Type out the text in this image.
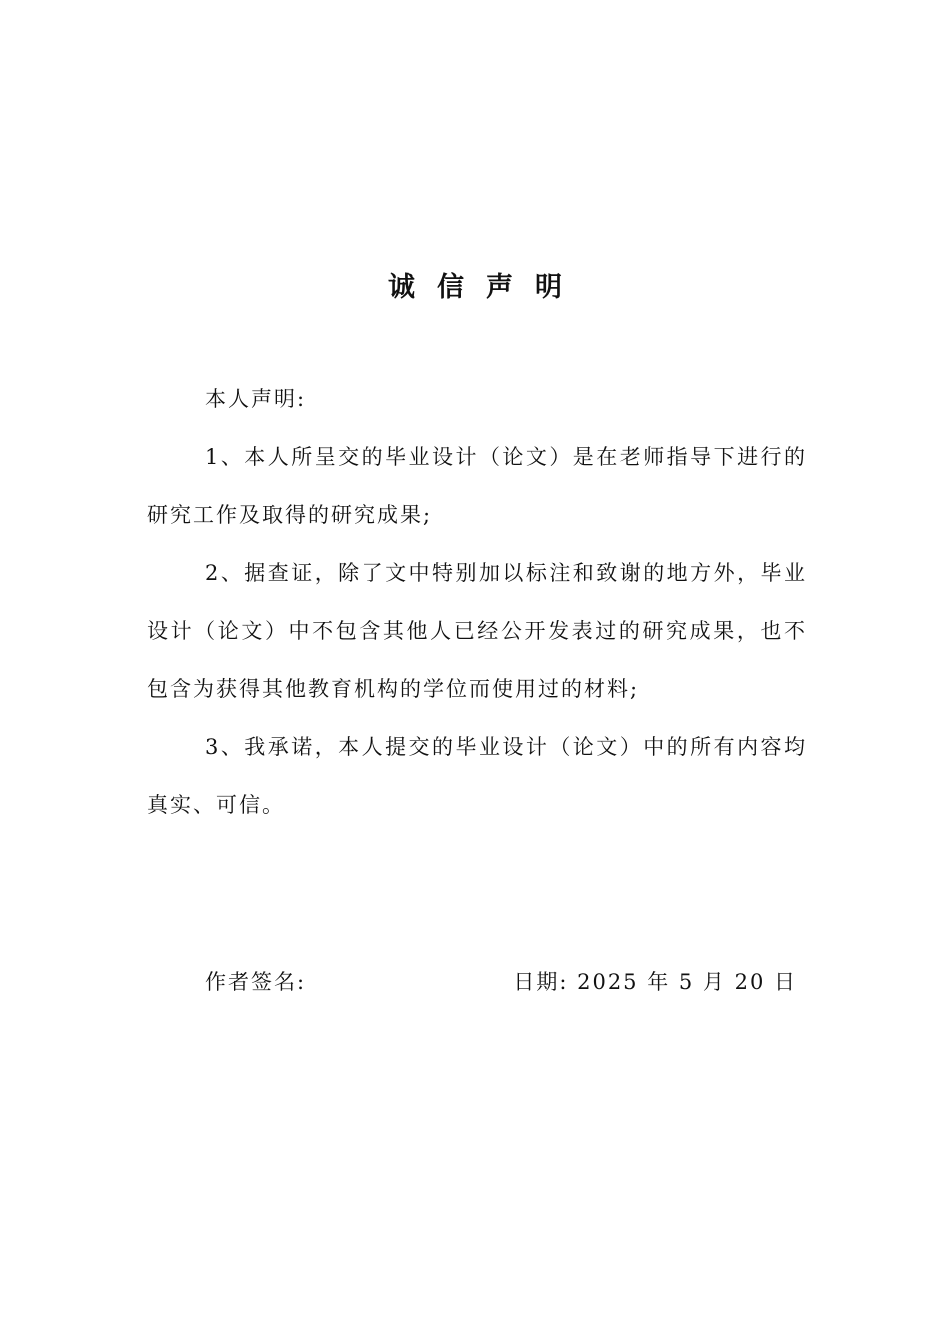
诚信声明

本人声明:

1、本人所呈交的毕业设计（论文）是在老师指导下进行的研究工作及取得的研究成果;

2、据查证，除了文中特别加以标注和致谢的地方外，毕业设计（论文）中不包含其他人已经公开发表过的研究成果，也不包含为获得其他教育机构的学位而使用过的材料;

3、我承诺，本人提交的毕业设计（论文）中的所有内容均真实、可信。

作者签名:	日期: 2025 年 5 月 20 日
